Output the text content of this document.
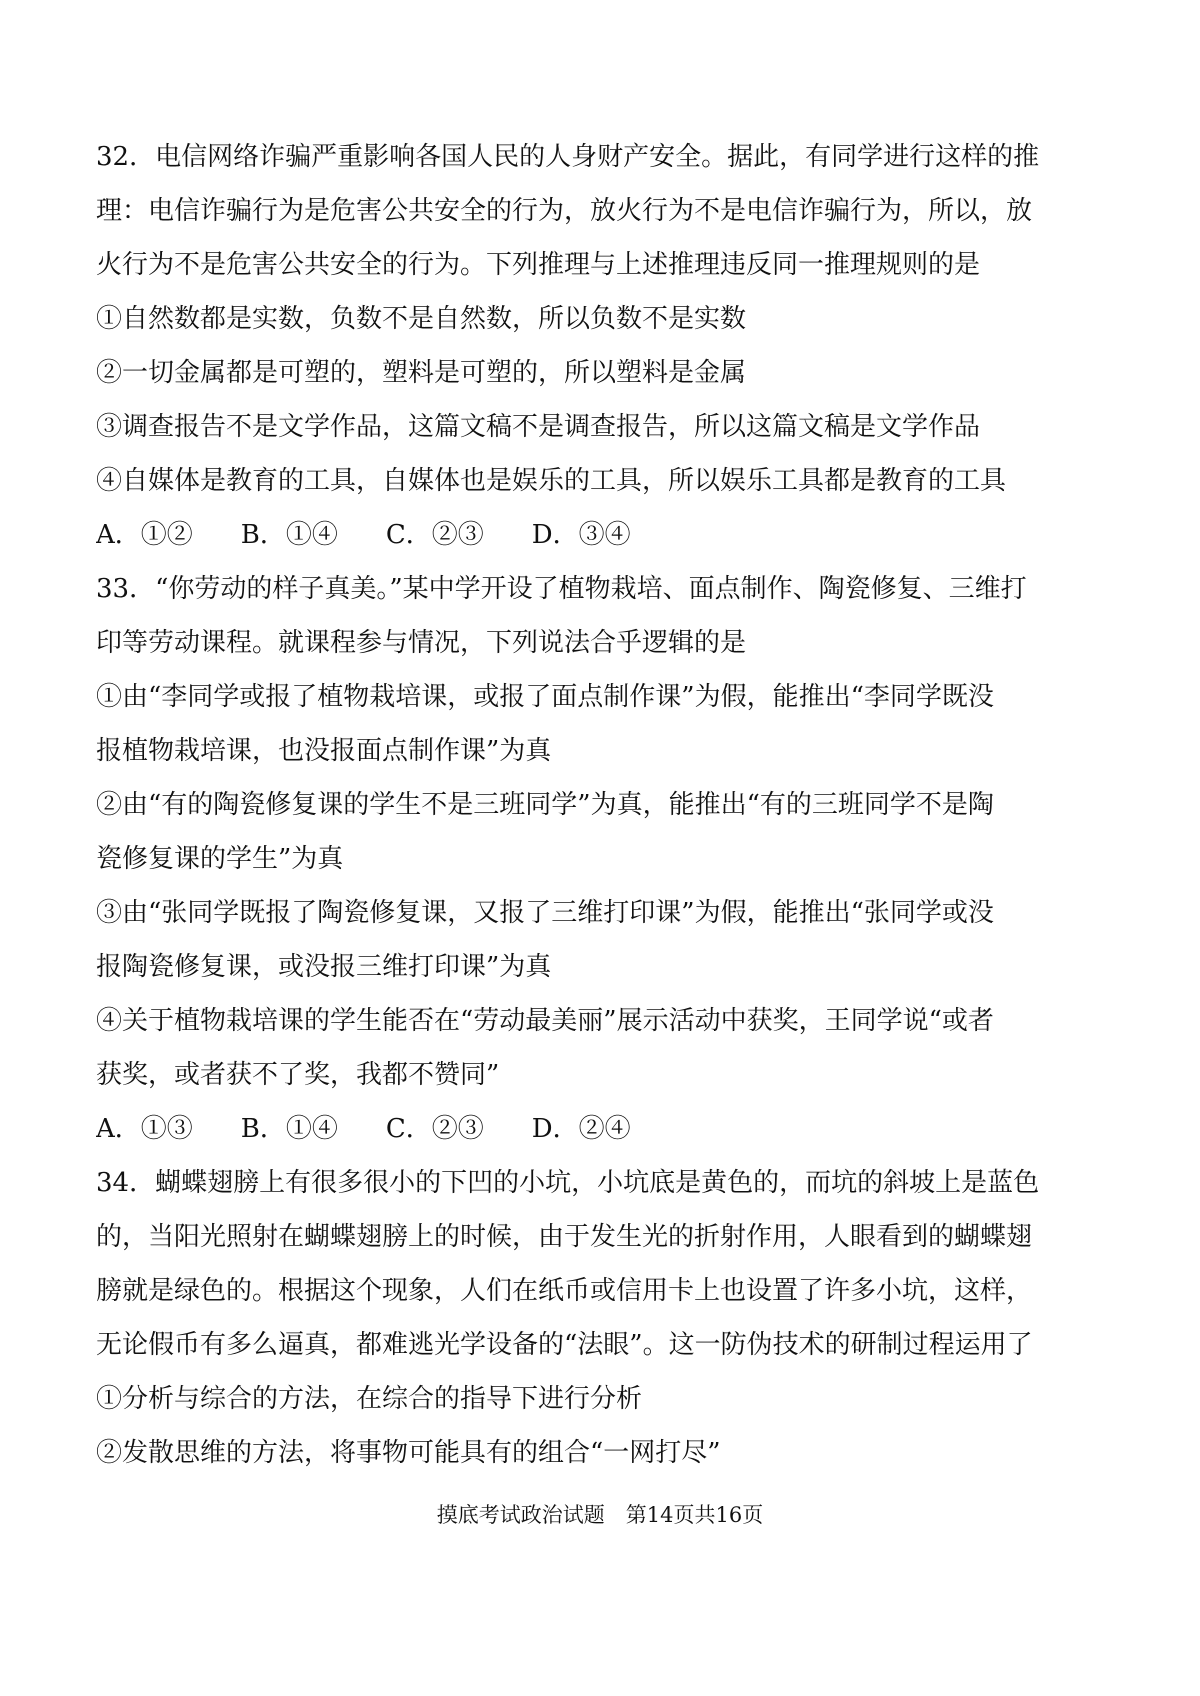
32．电信网络诈骗严重影响各国人民的人身财产安全。据此，有同学进行这样的推
理：电信诈骗行为是危害公共安全的行为，放火行为不是电信诈骗行为，所以，放
火行为不是危害公共安全的行为。下列推理与上述推理违反同一推理规则的是
①自然数都是实数，负数不是自然数，所以负数不是实数
②一切金属都是可塑的，塑料是可塑的，所以塑料是金属
③调查报告不是文学作品，这篇文稿不是调查报告，所以这篇文稿是文学作品
④自媒体是教育的工具，自媒体也是娱乐的工具，所以娱乐工具都是教育的工具
A．①② B．①④ C．②③ D．③④
33．“你劳动的样子真美。”某中学开设了植物栽培、面点制作、陶瓷修复、三维打
印等劳动课程。就课程参与情况，下列说法合乎逻辑的是
①由“李同学或报了植物栽培课，或报了面点制作课”为假，能推出“李同学既没
报植物栽培课，也没报面点制作课”为真
②由“有的陶瓷修复课的学生不是三班同学”为真，能推出“有的三班同学不是陶
瓷修复课的学生”为真
③由“张同学既报了陶瓷修复课，又报了三维打印课”为假，能推出“张同学或没
报陶瓷修复课，或没报三维打印课”为真
④关于植物栽培课的学生能否在“劳动最美丽”展示活动中获奖，王同学说“或者
获奖，或者获不了奖，我都不赞同”
A．①③ B．①④ C．②③ D．②④
34．蝴蝶翅膀上有很多很小的下凹的小坑，小坑底是黄色的，而坑的斜坡上是蓝色
的，当阳光照射在蝴蝶翅膀上的时候，由于发生光的折射作用，人眼看到的蝴蝶翅
膀就是绿色的。根据这个现象，人们在纸币或信用卡上也设置了许多小坑，这样，
无论假币有多么逼真，都难逃光学设备的“法眼”。这一防伪技术的研制过程运用了
①分析与综合的方法，在综合的指导下进行分析
②发散思维的方法，将事物可能具有的组合“一网打尽”
摸底考试政治试题　第14页共16页
